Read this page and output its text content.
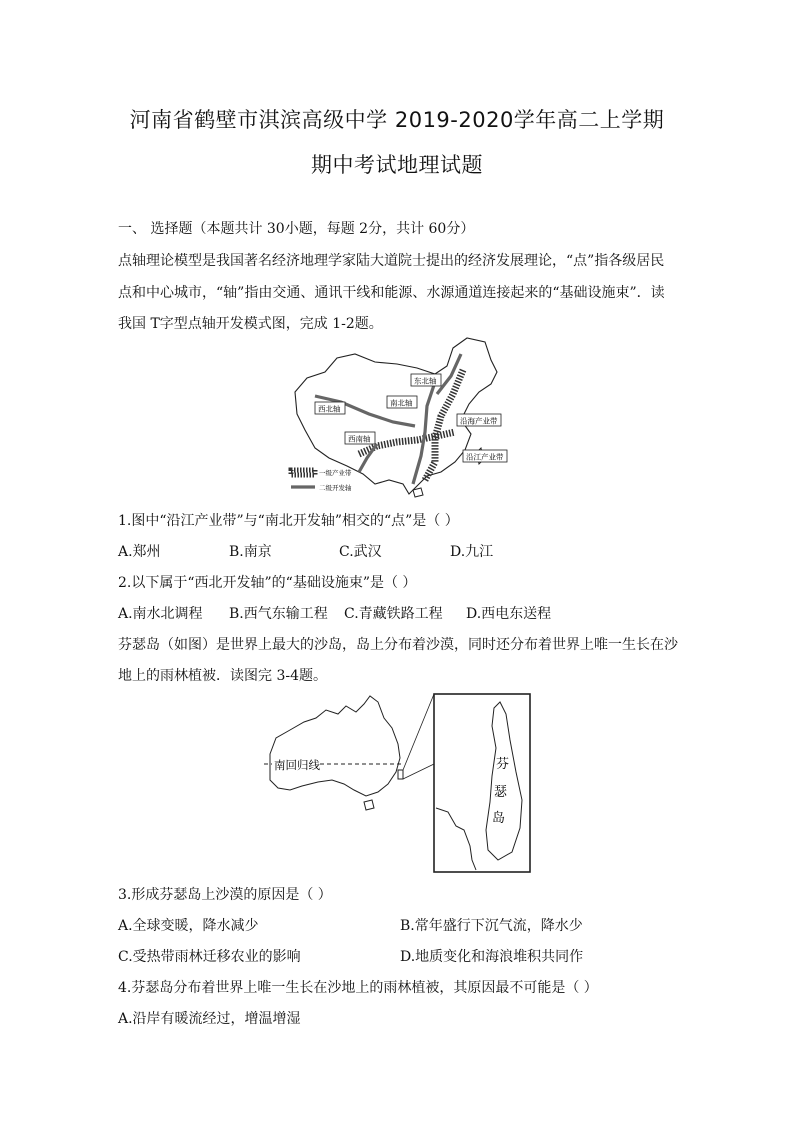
河南省鹤壁市淇滨高级中学 2019-2020学年高二上学期
期中考试地理试题
一、 选择题（本题共计 30小题，每题 2分，共计 60分）
点轴理论模型是我国著名经济地理学家陆大道院士提出的经济发展理论，“点”指各级居民
点和中心城市，“轴”指由交通、通讯干线和能源、水源通道连接起来的“基础设施束”．读
我国 T字型点轴开发模式图，完成 1-2题。
东北轴
西北轴
南北轴
沿海产业带
西南轴
沿江产业带
一级产业带
二级开发轴
1.图中“沿江产业带”与“南北开发轴”相交的“点”是（ ）
A.郑州	B.南京	C.武汉	D.九江
2.以下属于“西北开发轴”的“基础设施束”是（ ）
A.南水北调程 B.西气东输工程 C.青藏铁路工程 D.西电东送程
芬瑟岛（如图）是世界上最大的沙岛，岛上分布着沙漠，同时还分布着世界上唯一生长在沙
地上的雨林植被．读图完 3-4题。
南回归线	芬
瑟
岛
3.形成芬瑟岛上沙漠的原因是（ ）
A.全球变暖，降水减少	B.常年盛行下沉气流，降水少
C.受热带雨林迁移农业的影响	D.地质变化和海浪堆积共同作
4.芬瑟岛分布着世界上唯一生长在沙地上的雨林植被，其原因最不可能是（ ）
A.沿岸有暖流经过，增温增湿
